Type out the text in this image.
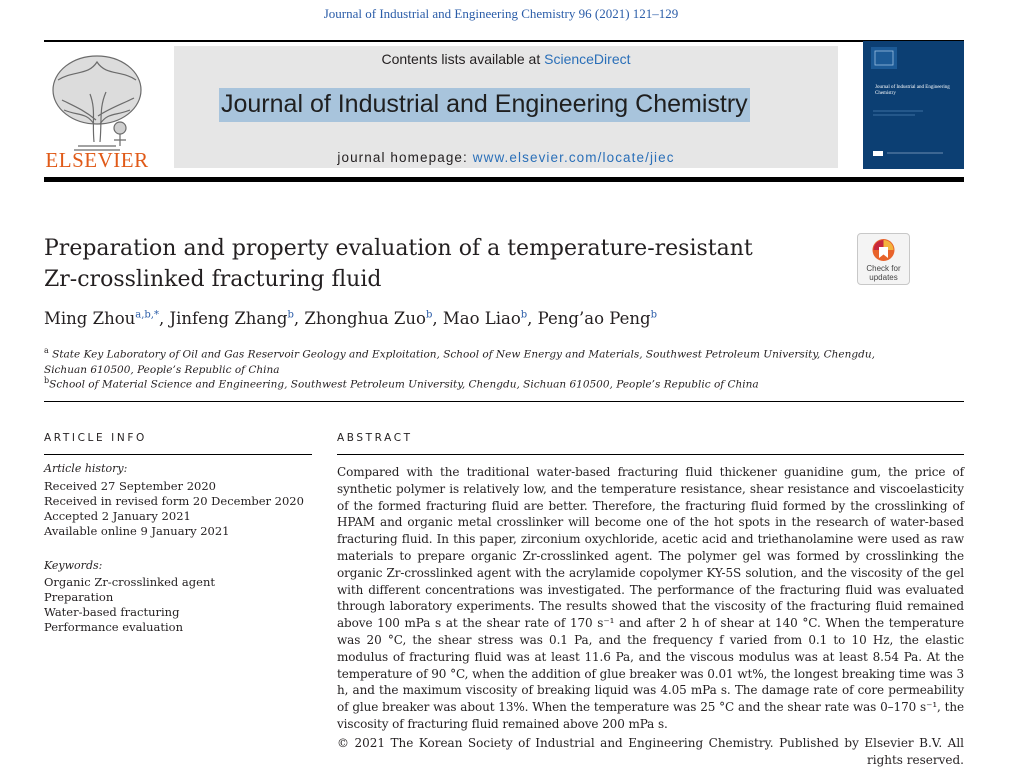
Journal of Industrial and Engineering Chemistry 96 (2021) 121–129
ELSEVIER
Contents lists available at ScienceDirect
Journal of Industrial and Engineering Chemistry
journal homepage: www.elsevier.com/locate/jiec
Journal of Industrial and Engineering Chemistry
Preparation and property evaluation of a temperature-resistant
Zr-crosslinked fracturing fluid	Check for
updates
Ming Zhou$^{a,b,*}$, Jinfeng Zhang$^b$, Zhonghua Zuo$^b$, Mao Liao$^b$, Peng’ao Peng$^b$
$^a$ State Key Laboratory of Oil and Gas Reservoir Geology and Exploitation, School of New Energy and Materials, Southwest Petroleum University, Chengdu,
Sichuan 610500, People’s Republic of China
$^b$School of Material Science and Engineering, Southwest Petroleum University, Chengdu, Sichuan 610500, People’s Republic of China
ARTICLE INFO
Article history:
Received 27 September 2020
Received in revised form 20 December 2020
Accepted 2 January 2021
Available online 9 January 2021
Keywords:
Organic Zr-crosslinked agent
Preparation
Water-based fracturing
Performance evaluation
ABSTRACT
Compared with the traditional water-based fracturing fluid thickener guanidine gum, the price of synthetic polymer is relatively low, and the temperature resistance, shear resistance and viscoelasticity of the formed fracturing fluid are better. Therefore, the fracturing fluid formed by the crosslinking of HPAM and organic metal crosslinker will become one of the hot spots in the research of water-based fracturing fluid. In this paper, zirconium oxychloride, acetic acid and triethanolamine were used as raw materials to prepare organic Zr-crosslinked agent. The polymer gel was formed by crosslinking the organic Zr-crosslinked agent with the acrylamide copolymer KY-5S solution, and the viscosity of the gel with different concentrations was investigated. The performance of the fracturing fluid was evaluated through laboratory experiments. The results showed that the viscosity of the fracturing fluid remained above 100 mPa s at the shear rate of 170 s⁻¹ and after 2 h of shear at 140 °C. When the temperature was 20 °C, the shear stress was 0.1 Pa, and the frequency f varied from 0.1 to 10 Hz, the elastic modulus of fracturing fluid was at least 11.6 Pa, and the viscous modulus was at least 8.54 Pa. At the temperature of 90 °C, when the addition of glue breaker was 0.01 wt%, the longest breaking time was 3 h, and the maximum viscosity of breaking liquid was 4.05 mPa s. The damage rate of core permeability of glue breaker was about 13%. When the temperature was 25 °C and the shear rate was 0–170 s⁻¹, the viscosity of fracturing fluid remained above 200 mPa s.
© 2021 The Korean Society of Industrial and Engineering Chemistry. Published by Elsevier B.V. All rights reserved.
